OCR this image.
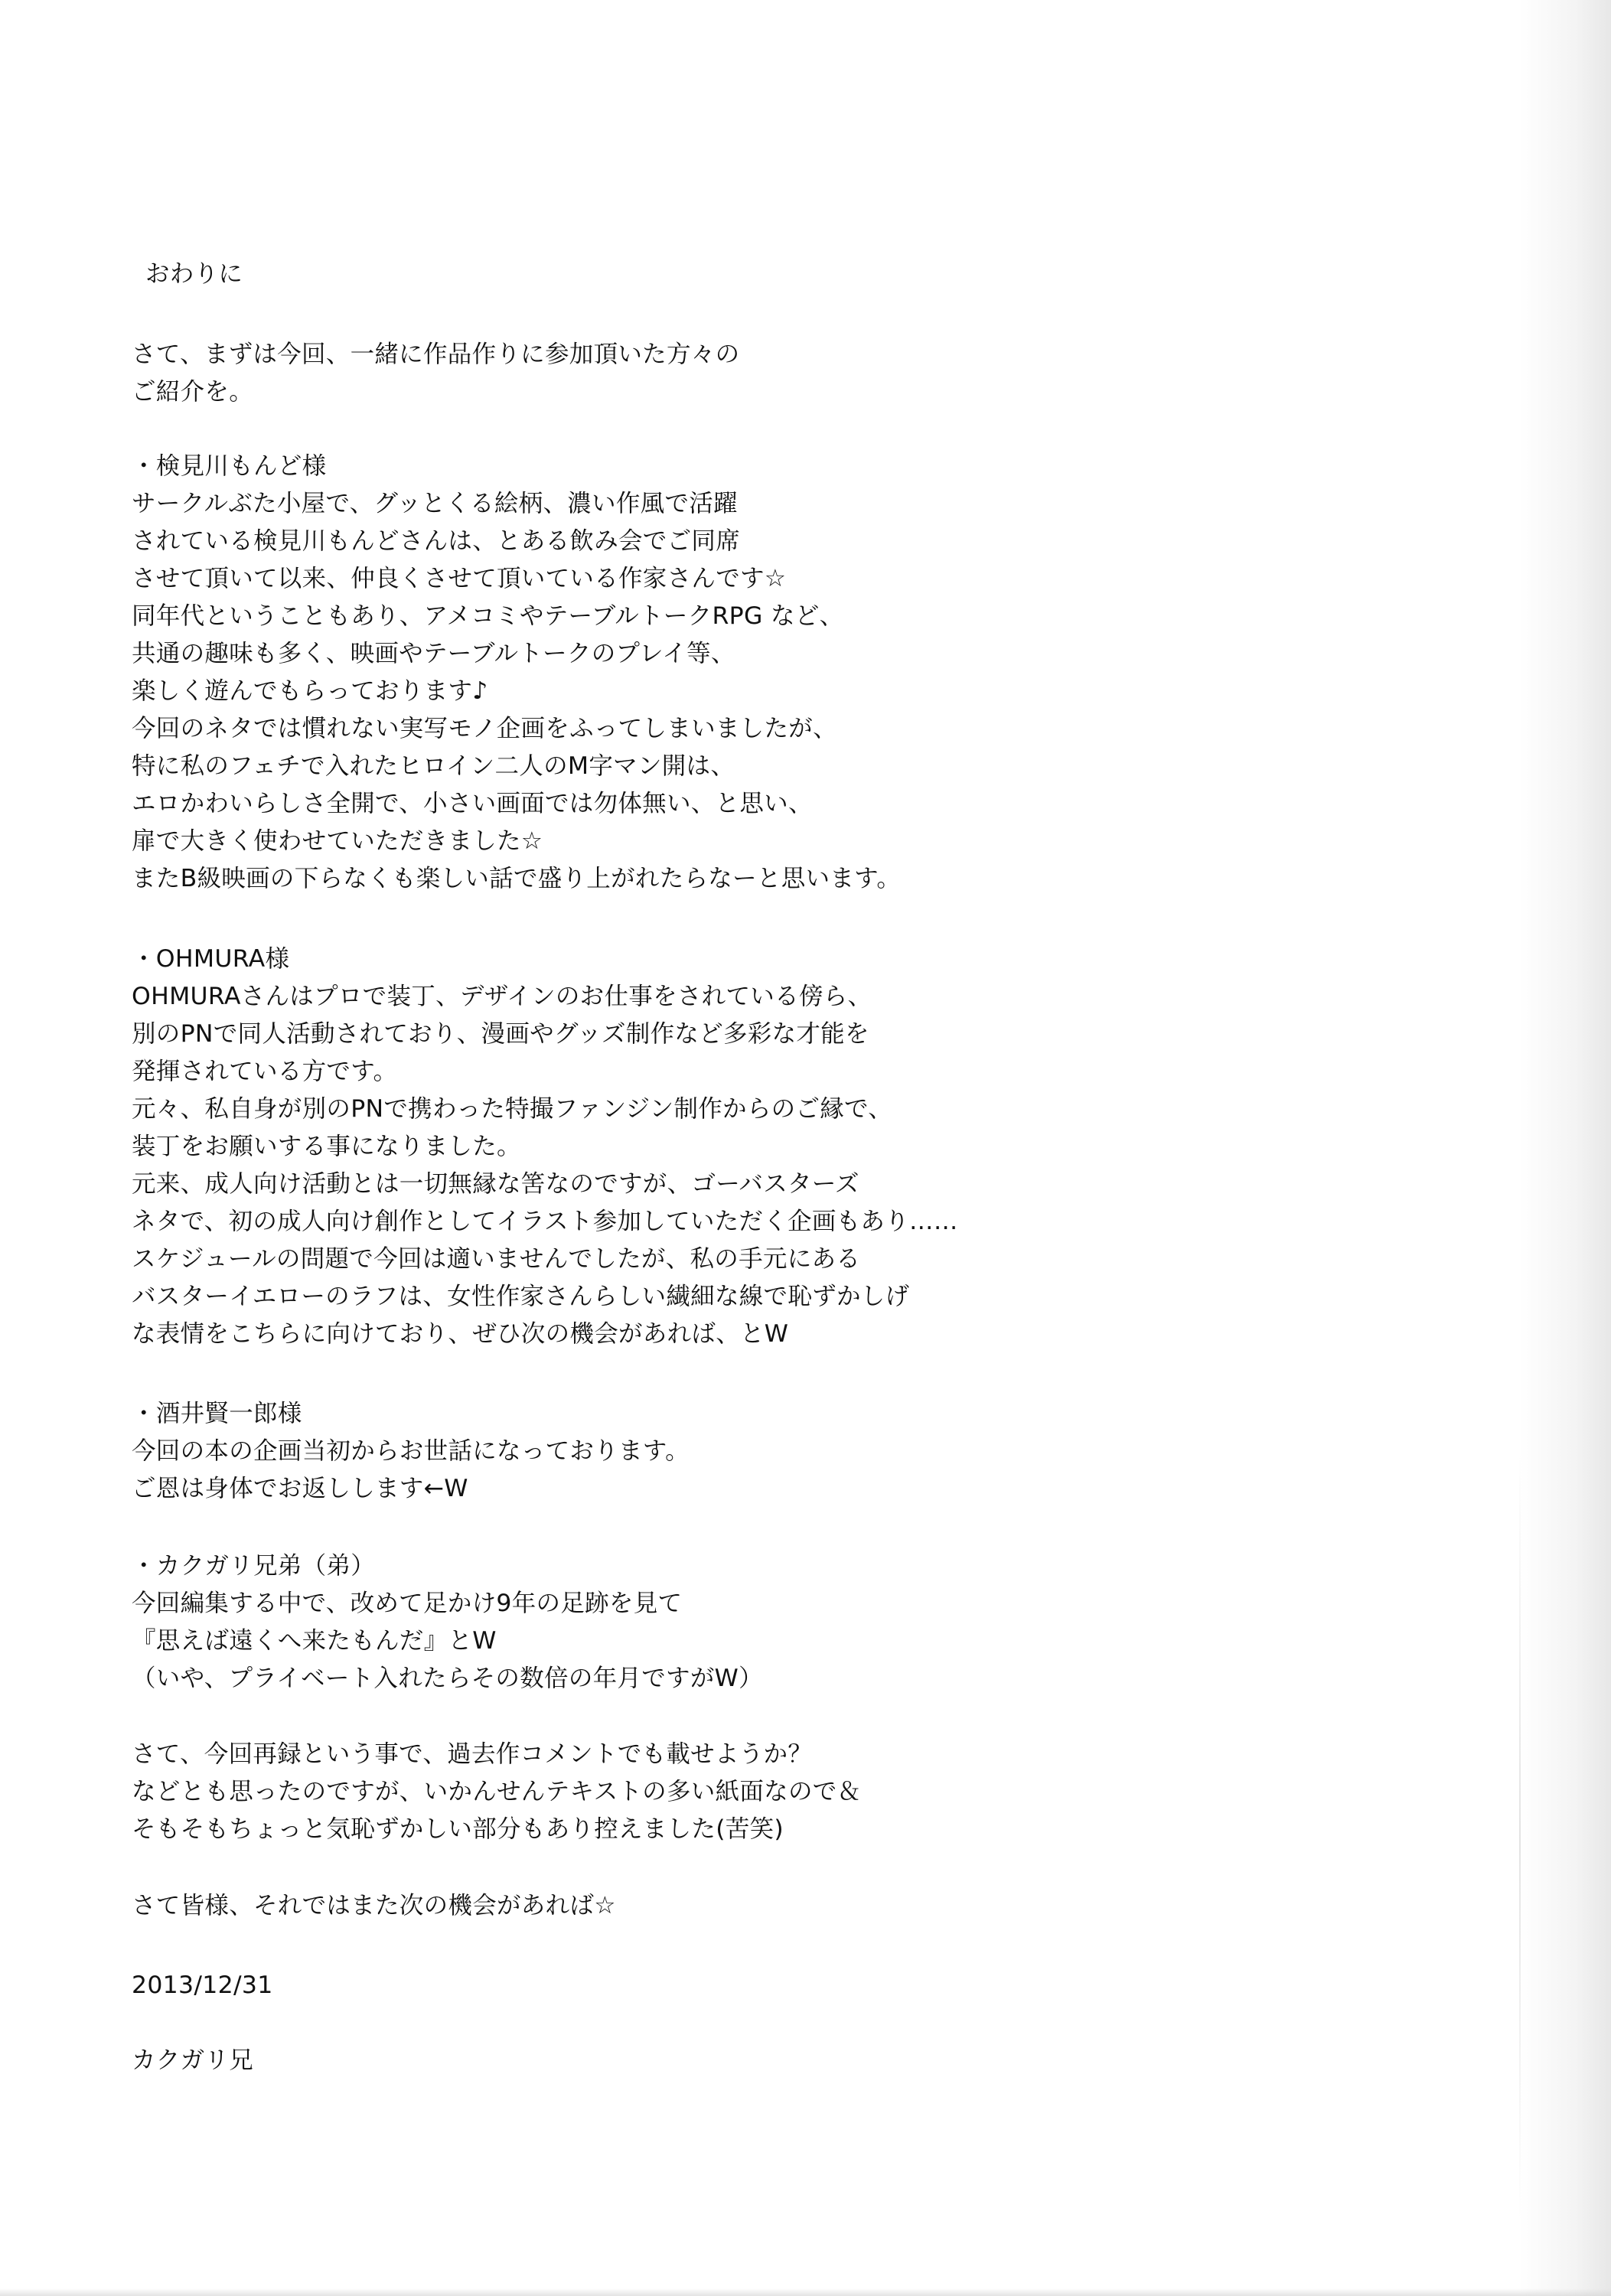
おわりに
さて、まずは今回、一緒に作品作りに参加頂いた方々の
ご紹介を。
・検見川もんど様
サークルぶた小屋で、グッとくる絵柄、濃い作風で活躍
されている検見川もんどさんは、とある飲み会でご同席
させて頂いて以来、仲良くさせて頂いている作家さんです☆
同年代ということもあり、アメコミやテーブルトークRPG など、
共通の趣味も多く、映画やテーブルトークのプレイ等、
楽しく遊んでもらっております♪
今回のネタでは慣れない実写モノ企画をふってしまいましたが、
特に私のフェチで入れたヒロイン二人のM字マン開は、
エロかわいらしさ全開で、小さい画面では勿体無い、と思い、
扉で大きく使わせていただきました☆
またB級映画の下らなくも楽しい話で盛り上がれたらなーと思います。
・OHMURA様
OHMURAさんはプロで装丁、デザインのお仕事をされている傍ら、
別のPNで同人活動されており、漫画やグッズ制作など多彩な才能を
発揮されている方です。
元々、私自身が別のPNで携わった特撮ファンジン制作からのご縁で、
装丁をお願いする事になりました。
元来、成人向け活動とは一切無縁な筈なのですが、ゴーバスターズ
ネタで、初の成人向け創作としてイラスト参加していただく企画もあり……
スケジュールの問題で今回は適いませんでしたが、私の手元にある
バスターイエローのラフは、女性作家さんらしい繊細な線で恥ずかしげ
な表情をこちらに向けており、ぜひ次の機会があれば、とW
・酒井賢一郎様
今回の本の企画当初からお世話になっております。
ご恩は身体でお返しします←W
・カクガリ兄弟（弟）
今回編集する中で、改めて足かけ9年の足跡を見て
『思えば遠くへ来たもんだ』とW
（いや、プライベート入れたらその数倍の年月ですがW）
さて、今回再録という事で、過去作コメントでも載せようか？
などとも思ったのですが、いかんせんテキストの多い紙面なので＆
そもそもちょっと気恥ずかしい部分もあり控えました(苦笑)
さて皆様、それではまた次の機会があれば☆
2013/12/31
カクガリ兄
